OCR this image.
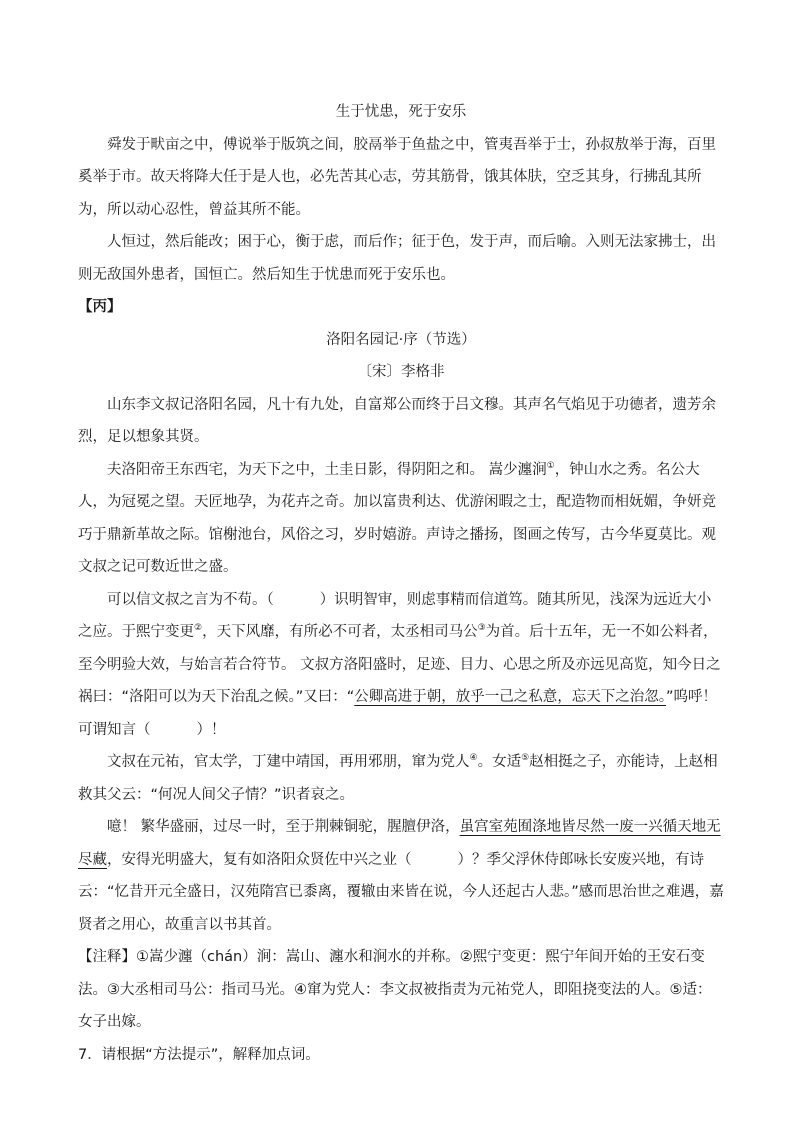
生于忧患，死于安乐

舜发于畎亩之中，傅说举于版筑之间，胶鬲举于鱼盐之中，管夷吾举于士，孙叔敖举于海，百里奚举于市。故天将降大任于是人也，必先苦其心志，劳其筋骨，饿其体肤，空乏其身，行拂乱其所为，所以动心忍性，曾益其所不能。

人恒过，然后能改；困于心，衡于虑，而后作；征于色，发于声，而后喻。入则无法家拂士，出则无敌国外患者，国恒亡。然后知生于忧患而死于安乐也。

【丙】

洛阳名园记·序（节选）

〔宋〕李格非

山东李文叔记洛阳名园，凡十有九处，自富郑公而终于吕文穆。其声名气焰见于功德者，遗芳余烈，足以想象其贤。

夫洛阳帝王东西宅，为天下之中，土圭日影，得阴阳之和。 嵩少瀍涧①，钟山水之秀。名公大人，为冠冕之望。天匠地孕，为花卉之奇。加以富贵利达、优游闲暇之士，配造物而相妩媚，争妍竞巧于鼎新革故之际。馆榭池台，风俗之习，岁时嬉游。声诗之播扬，图画之传写，古今华夏莫比。观文叔之记可数近世之盛。

可以信文叔之言为不苟。（	）识明智审，则虑事精而信道笃。随其所见，浅深为远近大小之应。于熙宁变更②，天下风靡，有所必不可者，太丞相司马公③为首。后十五年，无一不如公料者，至今明验大效，与始言若合符节。 文叔方洛阳盛时，足迹、目力、心思之所及亦远见高览，知今日之祸曰：“洛阳可以为天下治乱之候。”又曰：“公卿高进于朝，放乎一己之私意，忘天下之治忽。”呜呼！ 可谓知言（	）！

文叔在元祐，官太学，丁建中靖国，再用邪朋，窜为党人④。女适⑤赵相挺之子，亦能诗，上赵相救其父云：“何况人间父子情？”识者哀之。

噫！ 繁华盛丽，过尽一时，至于荆棘铜驼，腥膻伊洛，虽宫室苑囿涤地皆尽然一废一兴循天地无尽藏，安得光明盛大，复有如洛阳众贤佐中兴之业（	）？季父浮休侍郎咏长安废兴地，有诗云：“忆昔开元全盛日，汉苑隋宫已黍离，覆辙由来皆在说，今人还起古人悲。”感而思治世之难遇，嘉贤者之用心，故重言以书其首。

【注释】①嵩少瀍（chán）涧：嵩山、瀍水和涧水的并称。②熙宁变更：熙宁年间开始的王安石变法。③大丞相司马公：指司马光。④窜为党人：李文叔被指责为元祐党人，即阻挠变法的人。⑤适：女子出嫁。

7．请根据“方法提示”，解释加点词。
